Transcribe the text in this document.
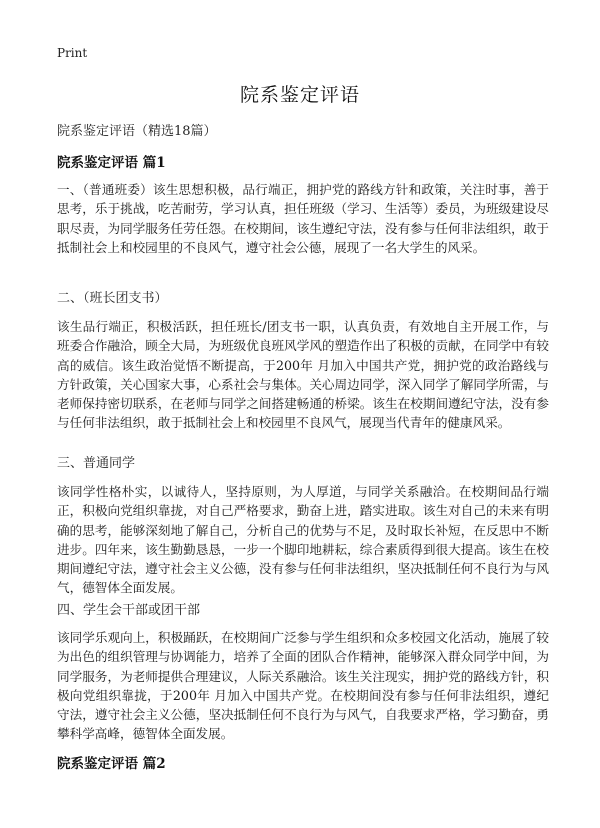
Print
院系鉴定评语
院系鉴定评语（精选18篇）
院系鉴定评语 篇1

一、（普通班委）该生思想积极，品行端正，拥护党的路线方针和政策，关注时事，善于思考，乐于挑战，吃苦耐劳，学习认真，担任班级（学习、生活等）委员，为班级建设尽职尽责，为同学服务任劳任怨。在校期间，该生遵纪守法，没有参与任何非法组织，敢于抵制社会上和校园里的不良风气，遵守社会公德，展现了一名大学生的风采。

二、（班长团支书）

该生品行端正，积极活跃，担任班长/团支书一职，认真负责，有效地自主开展工作，与班委合作融洽，顾全大局，为班级优良班风学风的塑造作出了积极的贡献，在同学中有较高的威信。该生政治觉悟不断提高，于200年 月加入中国共产党，拥护党的政治路线与方针政策，关心国家大事，心系社会与集体。关心周边同学，深入同学了解同学所需，与老师保持密切联系，在老师与同学之间搭建畅通的桥梁。该生在校期间遵纪守法，没有参与任何非法组织，敢于抵制社会上和校园里不良风气，展现当代青年的健康风采。

三、普通同学

该同学性格朴实，以诚待人，坚持原则，为人厚道，与同学关系融洽。在校期间品行端正，积极向党组织靠拢，对自己严格要求，勤奋上进，踏实进取。该生对自己的未来有明确的思考，能够深刻地了解自己，分析自己的优势与不足，及时取长补短，在反思中不断进步。四年来，该生勤勤恳恳，一步一个脚印地耕耘，综合素质得到很大提高。该生在校期间遵纪守法，遵守社会主义公德，没有参与任何非法组织，坚决抵制任何不良行为与风气，德智体全面发展。

四、学生会干部或团干部

该同学乐观向上，积极踊跃，在校期间广泛参与学生组织和众多校园文化活动，施展了较为出色的组织管理与协调能力，培养了全面的团队合作精神，能够深入群众同学中间，为同学服务，为老师提供合理建议，人际关系融洽。该生关注现实，拥护党的路线方针，积极向党组织靠拢，于200年 月加入中国共产党。在校期间没有参与任何非法组织，遵纪守法，遵守社会主义公德，坚决抵制任何不良行为与风气，自我要求严格，学习勤奋，勇攀科学高峰，德智体全面发展。

院系鉴定评语 篇2
